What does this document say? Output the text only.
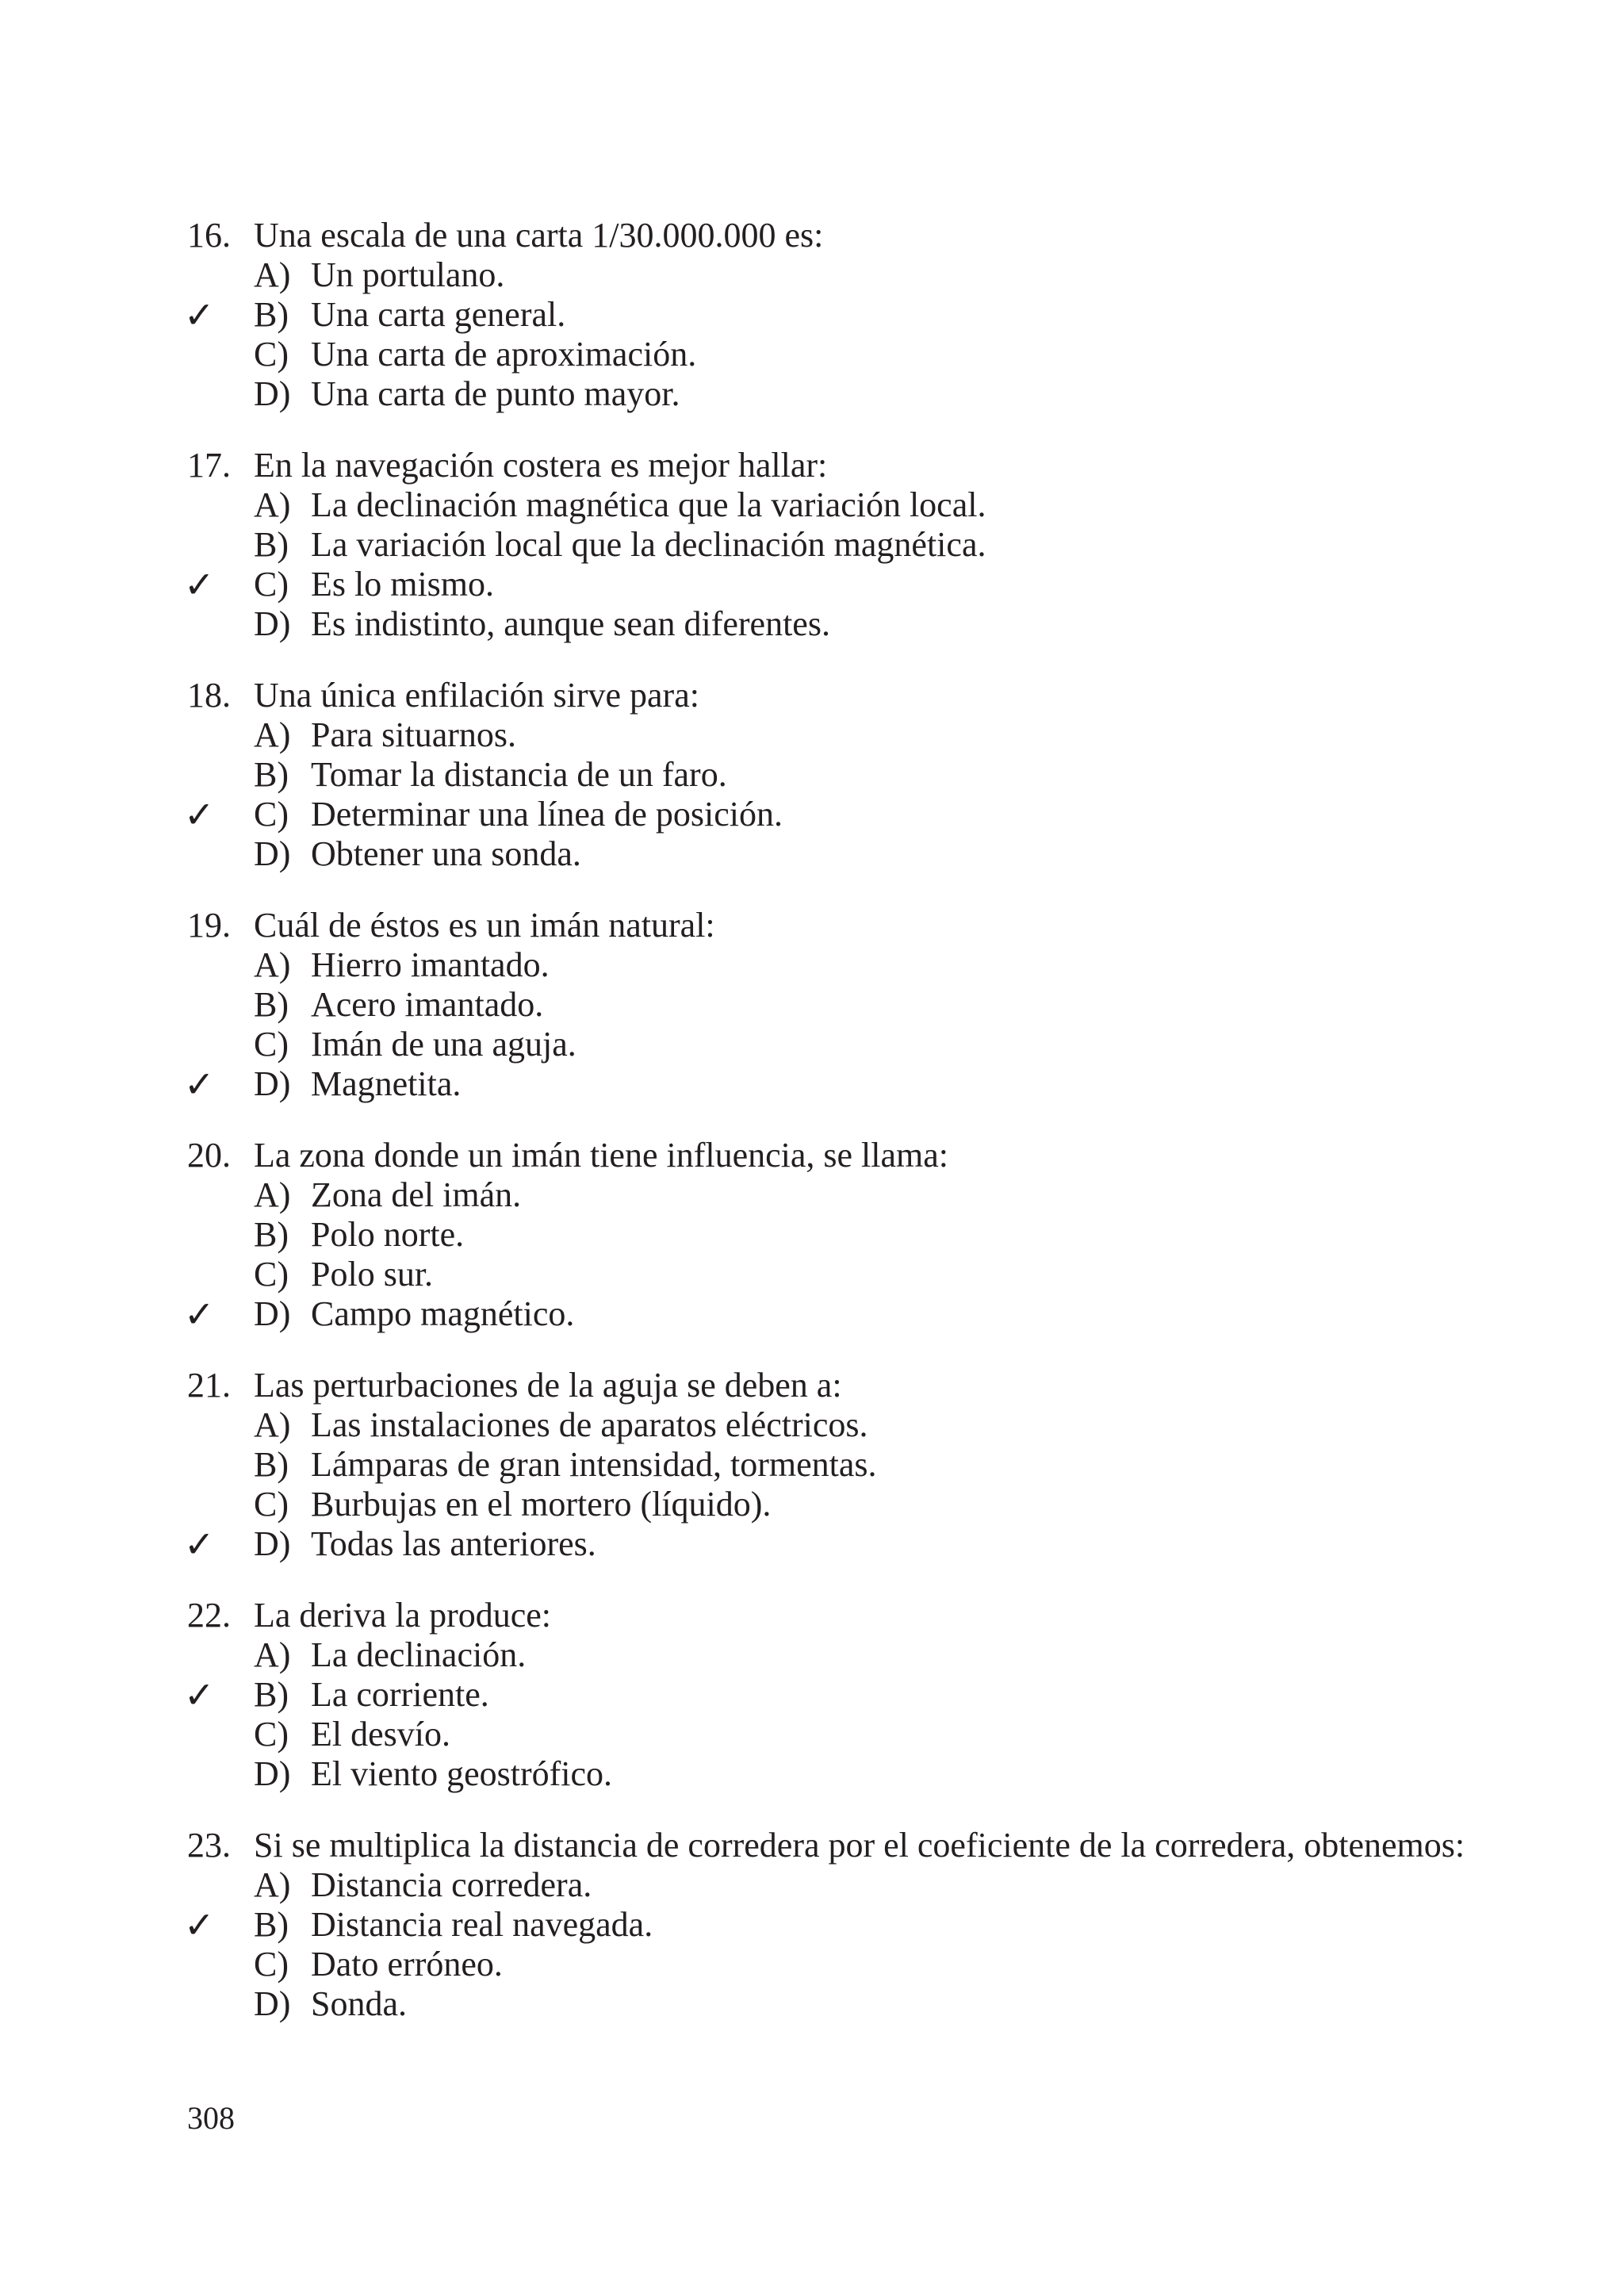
16. Una escala de una carta 1/30.000.000 es:
A) Un portulano.
✓ B) Una carta general.
C) Una carta de aproximación.
D) Una carta de punto mayor.
17. En la navegación costera es mejor hallar:
A) La declinación magnética que la variación local.
B) La variación local que la declinación magnética.
✓ C) Es lo mismo.
D) Es indistinto, aunque sean diferentes.
18. Una única enfilación sirve para:
A) Para situarnos.
B) Tomar la distancia de un faro.
✓ C) Determinar una línea de posición.
D) Obtener una sonda.
19. Cuál de éstos es un imán natural:
A) Hierro imantado.
B) Acero imantado.
C) Imán de una aguja.
✓ D) Magnetita.
20. La zona donde un imán tiene influencia, se llama:
A) Zona del imán.
B) Polo norte.
C) Polo sur.
✓ D) Campo magnético.
21. Las perturbaciones de la aguja se deben a:
A) Las instalaciones de aparatos eléctricos.
B) Lámparas de gran intensidad, tormentas.
C) Burbujas en el mortero (líquido).
✓ D) Todas las anteriores.
22. La deriva la produce:
A) La declinación.
✓ B) La corriente.
C) El desvío.
D) El viento geostrófico.
23. Si se multiplica la distancia de corredera por el coeficiente de la corredera, obtenemos:
A) Distancia corredera.
✓ B) Distancia real navegada.
C) Dato erróneo.
D) Sonda.
308
